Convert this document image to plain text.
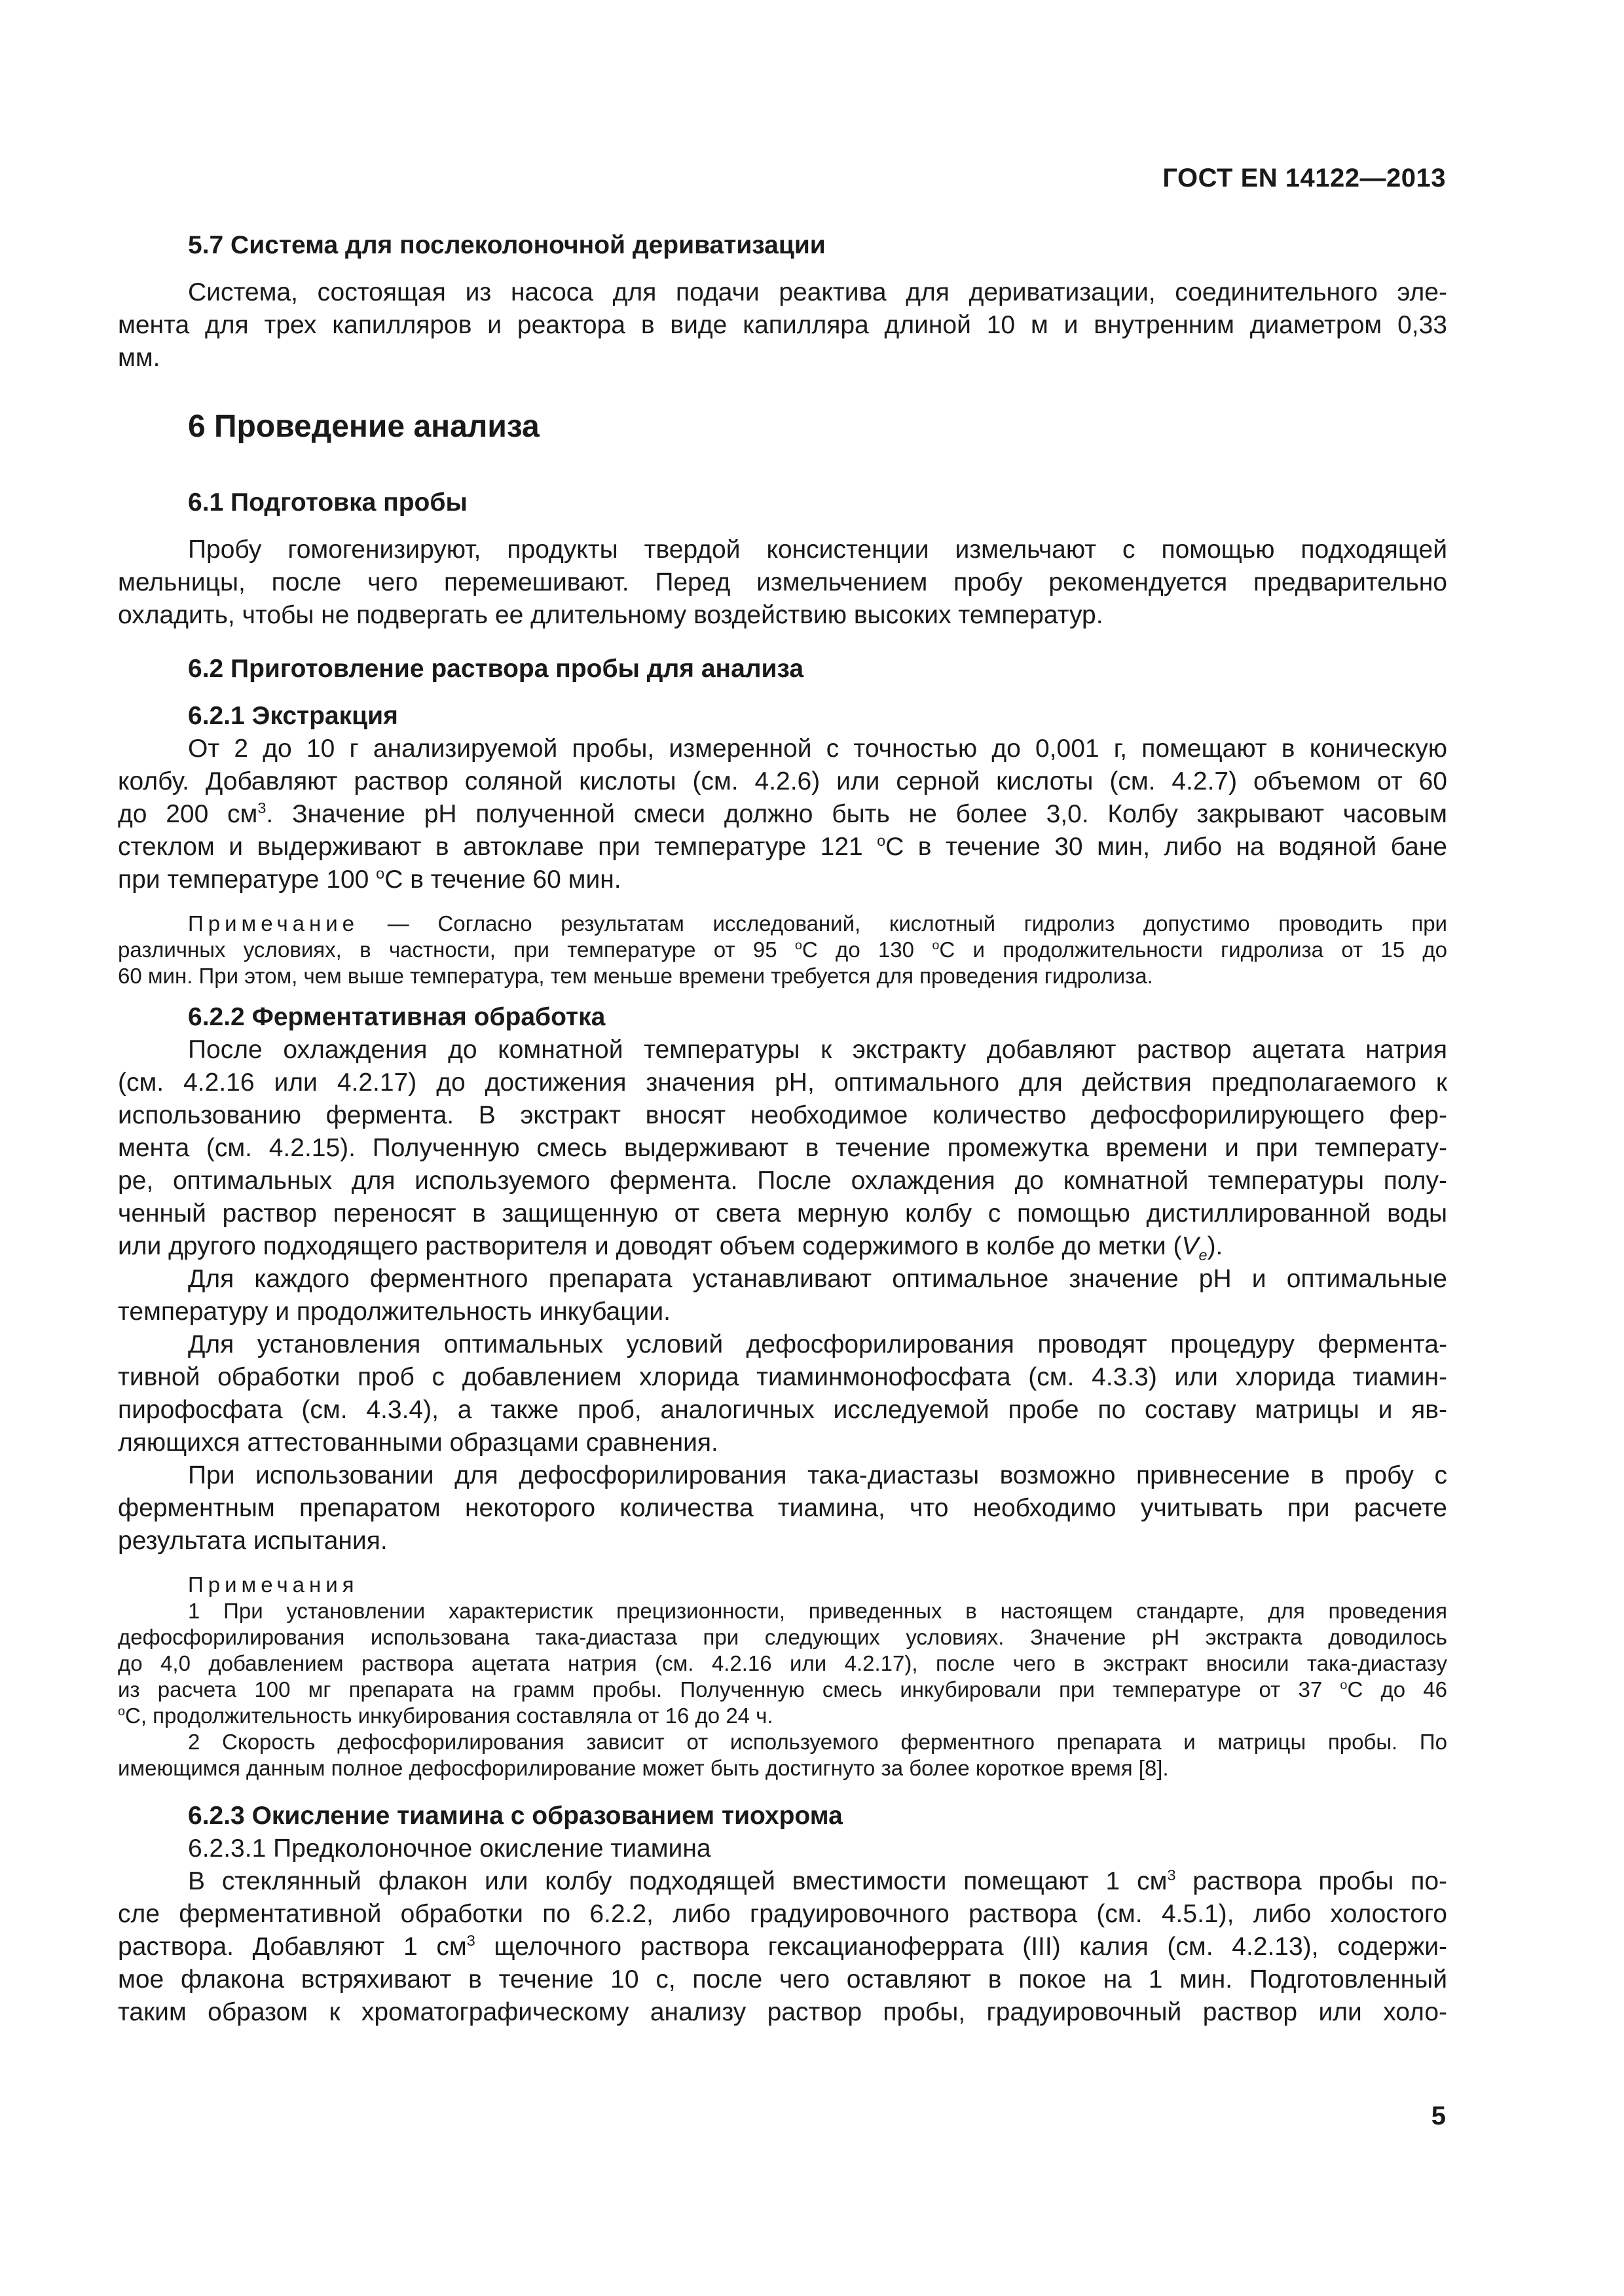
ГОСТ EN 14122—2013

5.7 Система для послеколоночной дериватизации

Система, состоящая из насоса для подачи реактива для дериватизации, соединительного эле-

мента для трех капилляров и реактора в виде капилляра длиной 10 м и внутренним диаметром 0,33
мм.

6 Проведение анализа

6.1 Подготовка пробы

Пробу гомогенизируют, продукты твердой консистенции измельчают с помощью подходящей
мельницы, после чего перемешивают. Перед измельчением пробу рекомендуется предварительно
охладить, чтобы не подвергать ее длительному воздействию высоких температур.

6.2 Приготовление раствора пробы для анализа

6.2.1 Экстракция

От 2 до 10 г анализируемой пробы, измеренной с точностью до 0,001 г, помещают в коническую
колбу. Добавляют раствор соляной кислоты (см. 4.2.6) или серной кислоты (см. 4.2.7) объемом от 60
до 200 $см^3$. Значение pH полученной смеси должно быть не более 3,0. Колбу закрывают часовым
стеклом и выдерживают в автоклаве при температуре 121 $^o$С в течение 30 мин, либо на водяной бане
при температуре 100 $^o$С в течение 60 мин.

Примечание — Согласно результатам исследований, кислотный гидролиз допустимо проводить при
различных условиях, в частности, при температуре от 95 $^o$С до 130 $^o$С и продолжительности гидролиза от 15 до
60 мин. При этом, чем выше температура, тем меньше времени требуется для проведения гидролиза.

6.2.2 Ферментативная обработка

После охлаждения до комнатной температуры к экстракту добавляют раствор ацетата натрия
(см. 4.2.16 или 4.2.17) до достижения значения pH, оптимального для действия предполагаемого к
использованию фермента. В экстракт вносят необходимое количество дефосфорилирующего фер-
мента (см. 4.2.15). Полученную смесь выдерживают в течение промежутка времени и при температу-
ре, оптимальных для используемого фермента. После охлаждения до комнатной температуры полу-
ченный раствор переносят в защищенную от света мерную колбу с помощью дистиллированной воды
или другого подходящего растворителя и доводят объем содержимого в колбе до метки $(V_e)$.

Для каждого ферментного препарата устанавливают оптимальное значение pH и оптимальные
температуру и продолжительность инкубации.

Для установления оптимальных условий дефосфорилирования проводят процедуру фермента-
тивной обработки проб с добавлением хлорида тиаминмонофосфата (см. 4.3.3) или хлорида тиамин-
пирофосфата (см. 4.3.4), а также проб, аналогичных исследуемой пробе по составу матрицы и яв-
ляющихся аттестованными образцами сравнения.

При использовании для дефосфорилирования така-диастазы возможно привнесение в пробу с
ферментным препаратом некоторого количества тиамина, что необходимо учитывать при расчете
результата испытания.

Примечания

1 При установлении характеристик прецизионности, приведенных в настоящем стандарте, для проведения
дефосфорилирования использована така-диастаза при следующих условиях. Значение pH экстракта доводилось
до 4,0 добавлением раствора ацетата натрия (см. 4.2.16 или 4.2.17), после чего в экстракт вносили така-диастазу
из расчета 100 мг препарата на грамм пробы. Полученную смесь инкубировали при температуре от 37 $^o$С до 46
$^o$С, продолжительность инкубирования составляла от 16 до 24 ч.

2 Скорость дефосфорилирования зависит от используемого ферментного препарата и матрицы пробы. По
имеющимся данным полное дефосфорилирование может быть достигнуто за более короткое время [8].

6.2.3 Окисление тиамина с образованием тиохрома

6.2.3.1 Предколоночное окисление тиамина

В стеклянный флакон или колбу подходящей вместимости помещают 1 $см^3$ раствора пробы по-
сле ферментативной обработки по 6.2.2, либо градуировочного раствора (см. 4.5.1), либо холостого
раствора. Добавляют 1 $см^3$ щелочного раствора гексацианоферрата (III) калия (см. 4.2.13), содержи-
мое флакона встряхивают в течение 10 с, после чего оставляют в покое на 1 мин. Подготовленный
таким образом к хроматографическому анализу раствор пробы, градуировочный раствор или холо-

5
